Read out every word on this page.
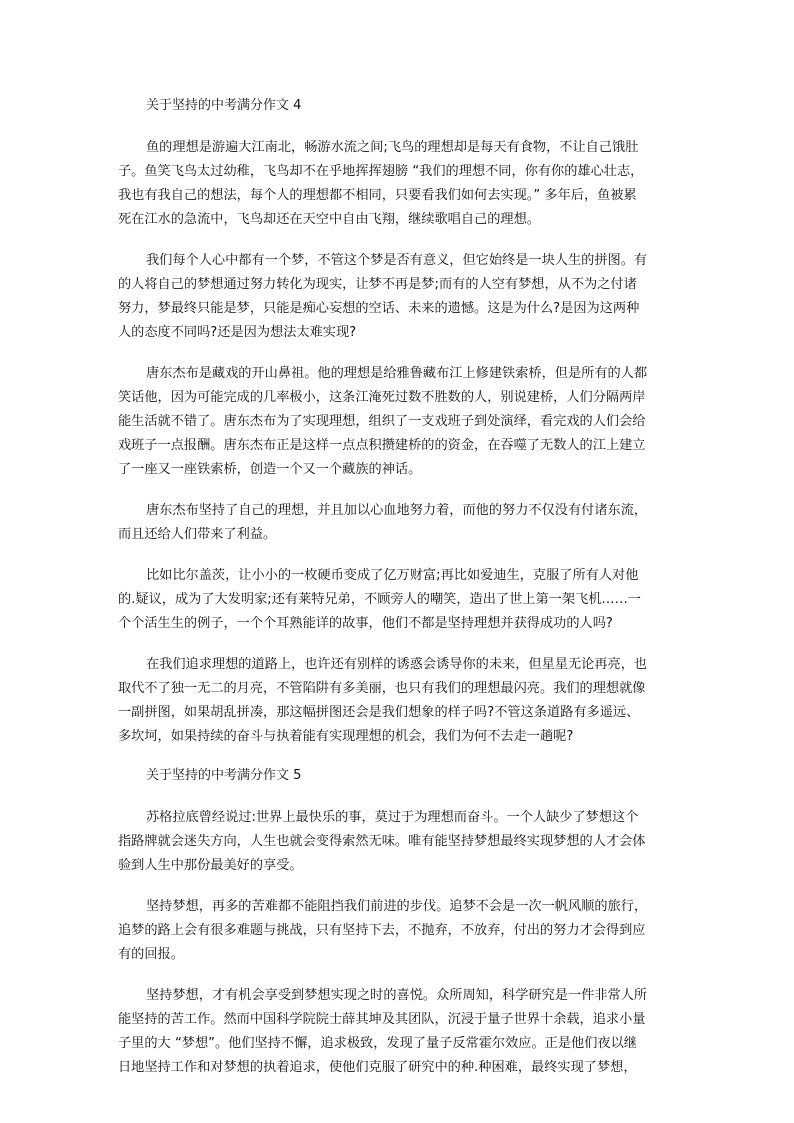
关于坚持的中考满分作文 4
鱼的理想是游遍大江南北，畅游水流之间;飞鸟的理想却是每天有食物，不让自己饿肚
子。鱼笑飞鸟太过幼稚，飞鸟却不在乎地挥挥翅膀 “我们的理想不同，你有你的雄心壮志，
我也有我自己的想法，每个人的理想都不相同，只要看我们如何去实现。” 多年后，鱼被累
死在江水的急流中，飞鸟却还在天空中自由飞翔，继续歌唱自己的理想。
我们每个人心中都有一个梦，不管这个梦是否有意义，但它始终是一块人生的拼图。有
的人将自己的梦想通过努力转化为现实，让梦不再是梦;而有的人空有梦想，从不为之付诸
努力，梦最终只能是梦，只能是痴心妄想的空话、未来的遗憾。这是为什么?是因为这两种
人的态度不同吗?还是因为想法太难实现?
唐东杰布是藏戏的开山鼻祖。他的理想是给雅鲁藏布江上修建铁索桥，但是所有的人都
笑话他，因为可能完成的几率极小，这条江淹死过数不胜数的人，别说建桥，人们分隔两岸
能生活就不错了。唐东杰布为了实现理想，组织了一支戏班子到处演绎，看完戏的人们会给
戏班子一点报酬。唐东杰布正是这样一点点积攒建桥的的资金，在吞噬了无数人的江上建立
了一座又一座铁索桥，创造一个又一个藏族的神话。
唐东杰布坚持了自己的理想，并且加以心血地努力着，而他的努力不仅没有付诸东流，
而且还给人们带来了利益。
比如比尔盖茨，让小小的一枚硬币变成了亿万财富;再比如爱迪生，克服了所有人对他
的.疑议，成为了大发明家;还有莱特兄弟，不顾旁人的嘲笑，造出了世上第一架飞机……一
个个活生生的例子，一个个耳熟能详的故事，他们不都是坚持理想并获得成功的人吗?
在我们追求理想的道路上，也许还有别样的诱惑会诱导你的未来，但星星无论再亮，也
取代不了独一无二的月亮，不管陷阱有多美丽，也只有我们的理想最闪亮。我们的理想就像
一副拼图，如果胡乱拼凑，那这幅拼图还会是我们想象的样子吗?不管这条道路有多遥远、
多坎坷，如果持续的奋斗与执着能有实现理想的机会，我们为何不去走一趟呢?
关于坚持的中考满分作文 5
苏格拉底曾经说过:世界上最快乐的事，莫过于为理想而奋斗。一个人缺少了梦想这个
指路牌就会迷失方向，人生也就会变得索然无味。唯有能坚持梦想最终实现梦想的人才会体
验到人生中那份最美好的享受。
坚持梦想，再多的苦难都不能阻挡我们前进的步伐。追梦不会是一次一帆风顺的旅行，
追梦的路上会有很多难题与挑战，只有坚持下去，不抛弃，不放弃，付出的努力才会得到应
有的回报。
坚持梦想，才有机会享受到梦想实现之时的喜悦。众所周知，科学研究是一件非常人所
能坚持的苦工作。然而中国科学院院士薛其坤及其团队，沉浸于量子世界十余载，追求小量
子里的大 “梦想”。他们坚持不懈，追求极致，发现了量子反常霍尔效应。正是他们夜以继
日地坚持工作和对梦想的执着追求，使他们克服了研究中的种.种困难，最终实现了梦想，
